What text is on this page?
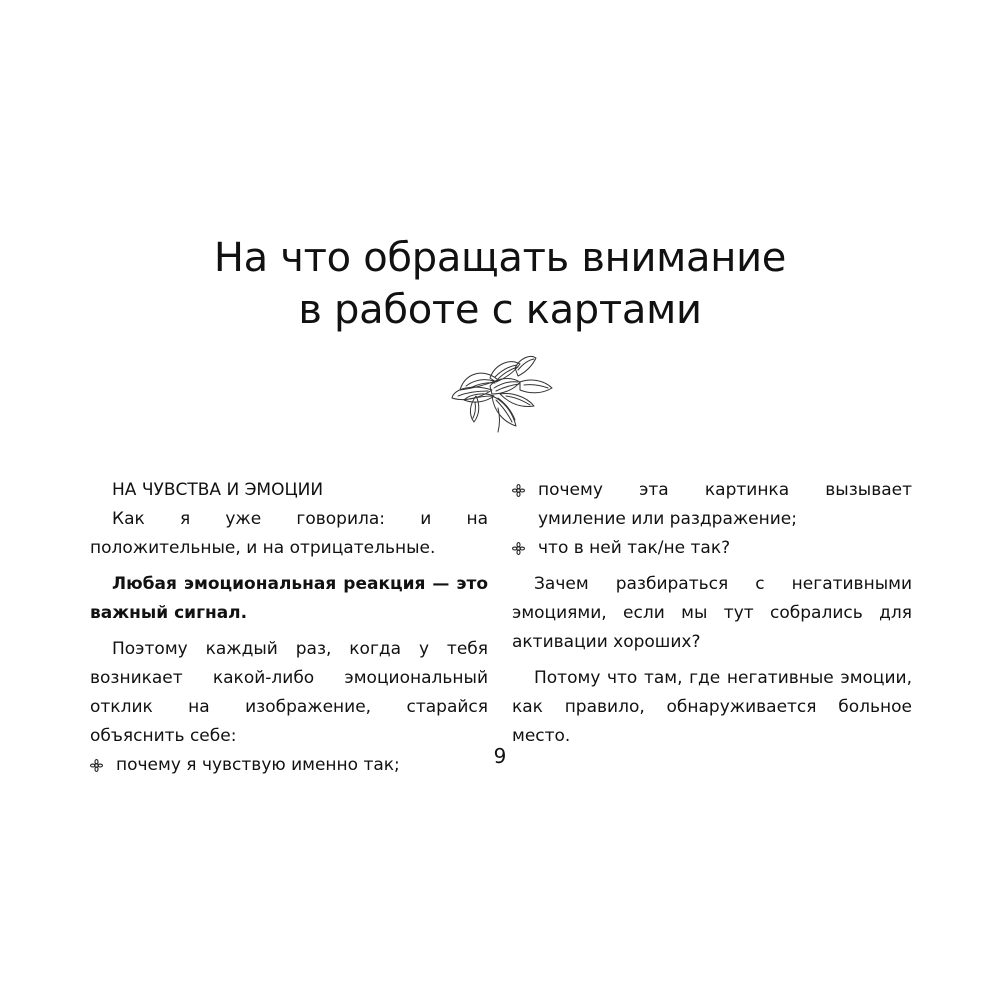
На что обращать внимание
в работе с картами

НА ЧУВСТВА И ЭМОЦИИ

Как я уже говорила: и на положительные, и на отрицательные.

Любая эмоциональная реакция — это важный сигнал.

Поэтому каждый раз, когда у тебя возникает какой-либо эмоциональный отклик на изображение, старайся объяснить себе:

почему я чувствую именно так;

почему эта картинка вызывает умиление или раздражение;

что в ней так/не так?

Зачем разбираться с негативными эмоциями, если мы тут собрались для активации хороших?

Потому что там, где негативные эмоции, как правило, обнаруживается больное место.

9
